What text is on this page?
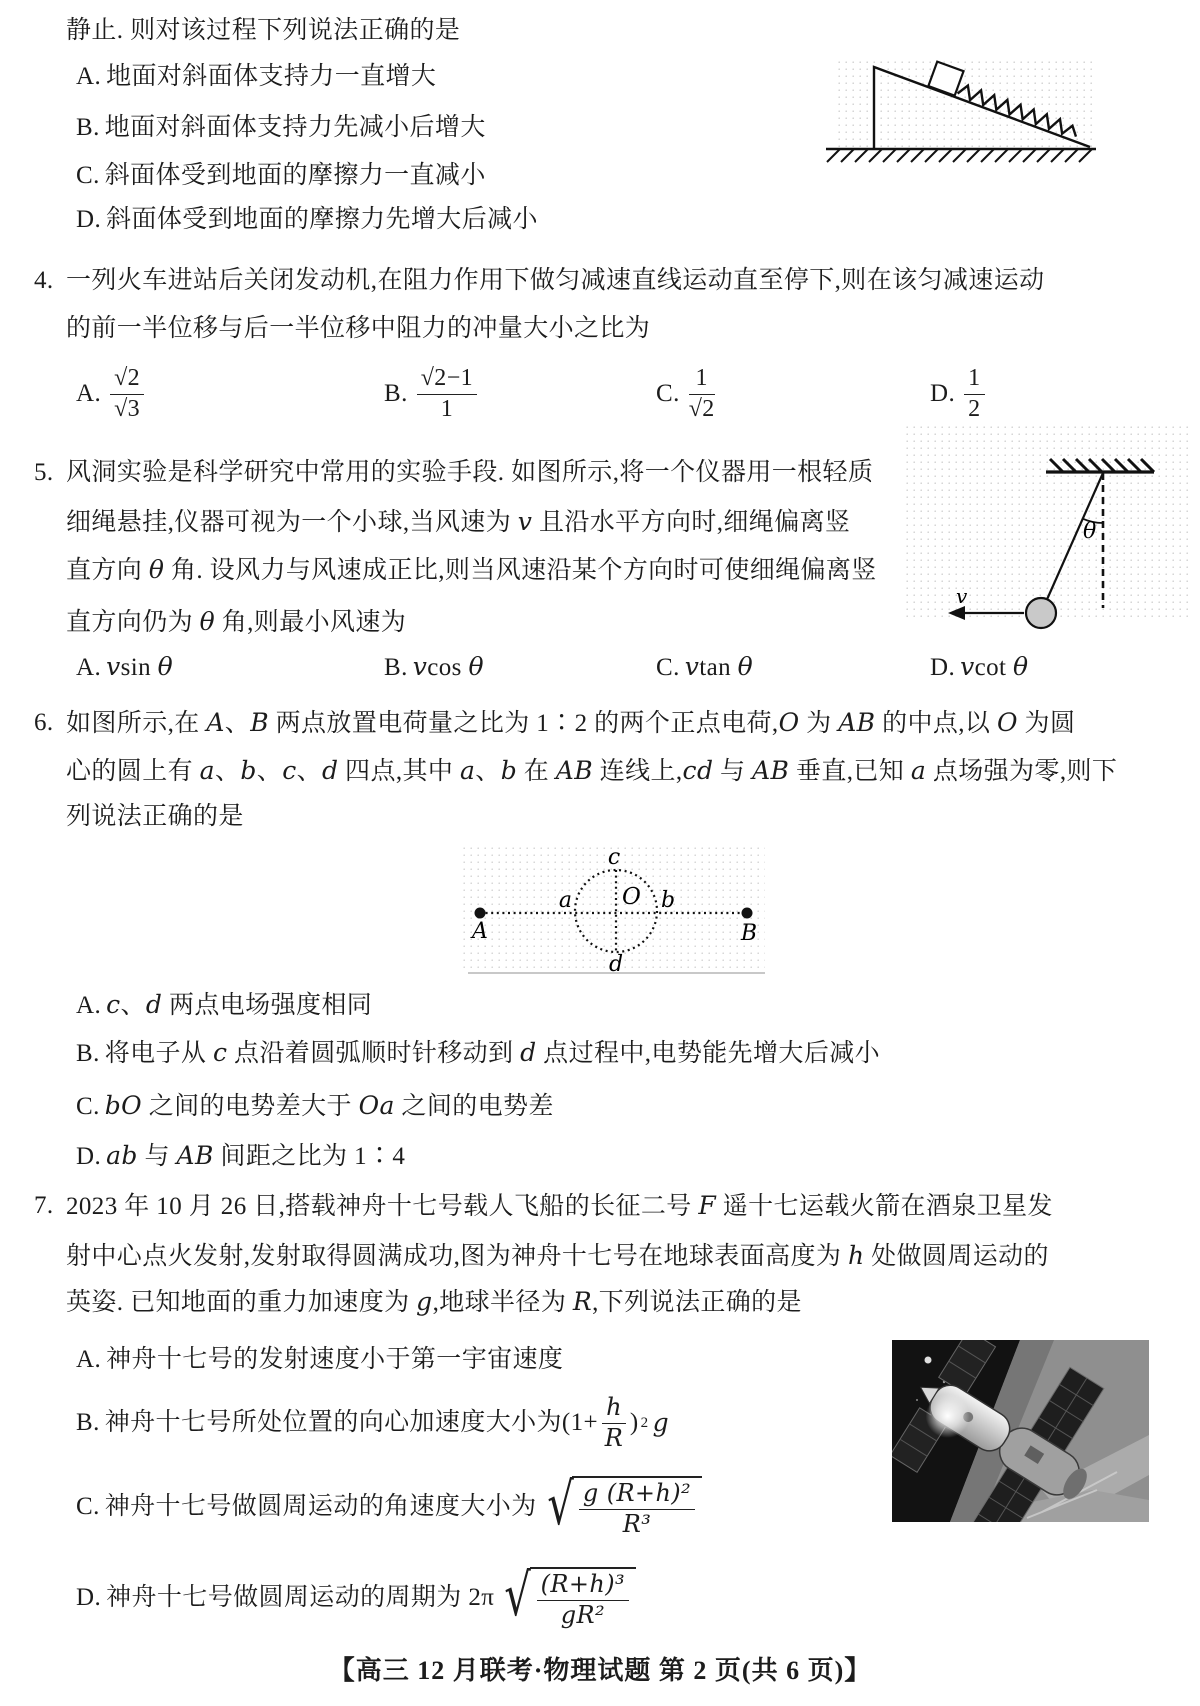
静止. 则对该过程下列说法正确的是
A. 地面对斜面体支持力一直增大
B. 地面对斜面体支持力先减小后增大
C. 斜面体受到地面的摩擦力一直减小
D. 斜面体受到地面的摩擦力先增大后减小
4. 一列火车进站后关闭发动机,在阻力作用下做匀减速直线运动直至停下,则在该匀减速运动
的前一半位移与后一半位移中阻力的冲量大小之比为
A. $\frac{√2}{√3}$	B. $\frac{√2-1}{1}$	C. $\frac{1}{√2}$	D. $\frac{1}{2}$
5. 风洞实验是科学研究中常用的实验手段. 如图所示,将一个仪器用一根轻质
细绳悬挂,仪器可视为一个小球,当风速为 v 且沿水平方向时,细绳偏离竖
直方向 θ 角. 设风力与风速成正比,则当风速沿某个方向时可使细绳偏离竖
直方向仍为 θ 角,则最小风速为
A. vsin θ	B. vcos θ	C. vtan θ	D. vcot θ
θ
v
6. 如图所示,在 A、B 两点放置电荷量之比为 1∶2 的两个正点电荷,O 为 AB 的中点,以 O 为圆
心的圆上有 a、b、c、d 四点,其中 a、b 在 AB 连线上,cd 与 AB 垂直,已知 a 点场强为零,则下
列说法正确的是
c
d
a	b
O
A	B
A. c、d 两点电场强度相同
B. 将电子从 c 点沿着圆弧顺时针移动到 d 点过程中,电势能先增大后减小
C. bO 之间的电势差大于 Oa 之间的电势差
D. ab 与 AB 间距之比为 1∶4
7. 2023 年 10 月 26 日,搭载神舟十七号载人飞船的长征二号 F 遥十七运载火箭在酒泉卫星发
射中心点火发射,发射取得圆满成功,图为神舟十七号在地球表面高度为 h 处做圆周运动的
英姿. 已知地面的重力加速度为 g,地球半径为 R,下列说法正确的是
A. 神舟十七号的发射速度小于第一宇宙速度
B. 神舟十七号所处位置的向心加速度大小为($1+ \frac{h}{R}$ ) 2 g
C. 神舟十七号做圆周运动的角速度大小为 √ $\frac{\text{g (R+h)²}}{\text{R³}}$
D. 神舟十七号做圆周运动的周期为 2π √ $\frac{\text{(R+h)³}}{\text{gR²}}$
【高三 12 月联考·物理试题 第 2 页(共 6 页)】
